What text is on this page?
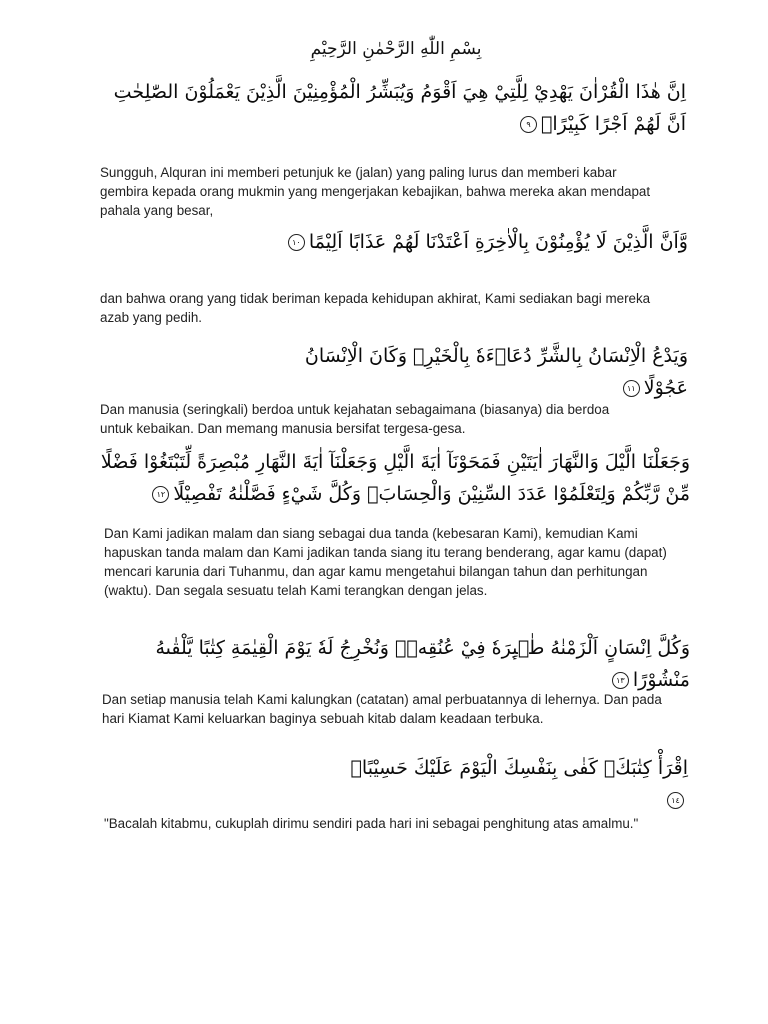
بِسْمِ اللّٰهِ الرَّحْمٰنِ الرَّحِيْمِ

اِنَّ هٰذَا الْقُرْاٰنَ يَهْدِيْ لِلَّتِيْ هِيَ اَقْوَمُ وَيُبَشِّرُ الْمُؤْمِنِيْنَ الَّذِيْنَ يَعْمَلُوْنَ الصّٰلِحٰتِ اَنَّ لَهُمْ اَجْرًا كَبِيْرًاۙ٩

Sungguh, Alquran ini memberi petunjuk ke (jalan) yang paling lurus dan memberi kabar gembira kepada orang mukmin yang mengerjakan kebajikan, bahwa mereka akan mendapat pahala yang besar,

وَّاَنَّ الَّذِيْنَ لَا يُؤْمِنُوْنَ بِالْاٰخِرَةِ اَعْتَدْنَا لَهُمْ عَذَابًا اَلِيْمًا١٠

dan bahwa orang yang tidak beriman kepada kehidupan akhirat, Kami sediakan bagi mereka azab yang pedih.

وَيَدْعُ الْاِنْسَانُ بِالشَّرِّ دُعَاۤءَهٗ بِالْخَيْرِۗ وَكَانَ الْاِنْسَانُ عَجُوْلًا١١

Dan manusia (seringkali) berdoa untuk kejahatan sebagaimana (biasanya) dia berdoa untuk kebaikan. Dan memang manusia bersifat tergesa-gesa.

وَجَعَلْنَا الَّيْلَ وَالنَّهَارَ اٰيَتَيْنِ فَمَحَوْنَآ اٰيَةَ الَّيْلِ وَجَعَلْنَآ اٰيَةَ النَّهَارِ مُبْصِرَةً لِّتَبْتَغُوْا فَضْلًا مِّنْ رَّبِّكُمْ وَلِتَعْلَمُوْا عَدَدَ السِّنِيْنَ وَالْحِسَابَۗ وَكُلَّ شَيْءٍ فَصَّلْنٰهُ تَفْصِيْلًا١٢

Dan Kami jadikan malam dan siang sebagai dua tanda (kebesaran Kami), kemudian Kami hapuskan tanda malam dan Kami jadikan tanda siang itu terang benderang, agar kamu (dapat) mencari karunia dari Tuhanmu, dan agar kamu mengetahui bilangan tahun dan perhitungan (waktu). Dan segala sesuatu telah Kami terangkan dengan jelas.

وَكُلَّ اِنْسَانٍ اَلْزَمْنٰهُ طٰۤىِٕرَهٗ فِيْ عُنُقِهٖۗ وَنُخْرِجُ لَهٗ يَوْمَ الْقِيٰمَةِ كِتٰبًا يَّلْقٰىهُ مَنْشُوْرًا١٣

Dan setiap manusia telah Kami kalungkan (catatan) amal perbuatannya di lehernya. Dan pada hari Kiamat Kami keluarkan baginya sebuah kitab dalam keadaan terbuka.

اِقْرَأْ كِتٰبَكَۗ كَفٰى بِنَفْسِكَ الْيَوْمَ عَلَيْكَ حَسِيْبًاۗ١٤

"Bacalah kitabmu, cukuplah dirimu sendiri pada hari ini sebagai penghitung atas amalmu."
